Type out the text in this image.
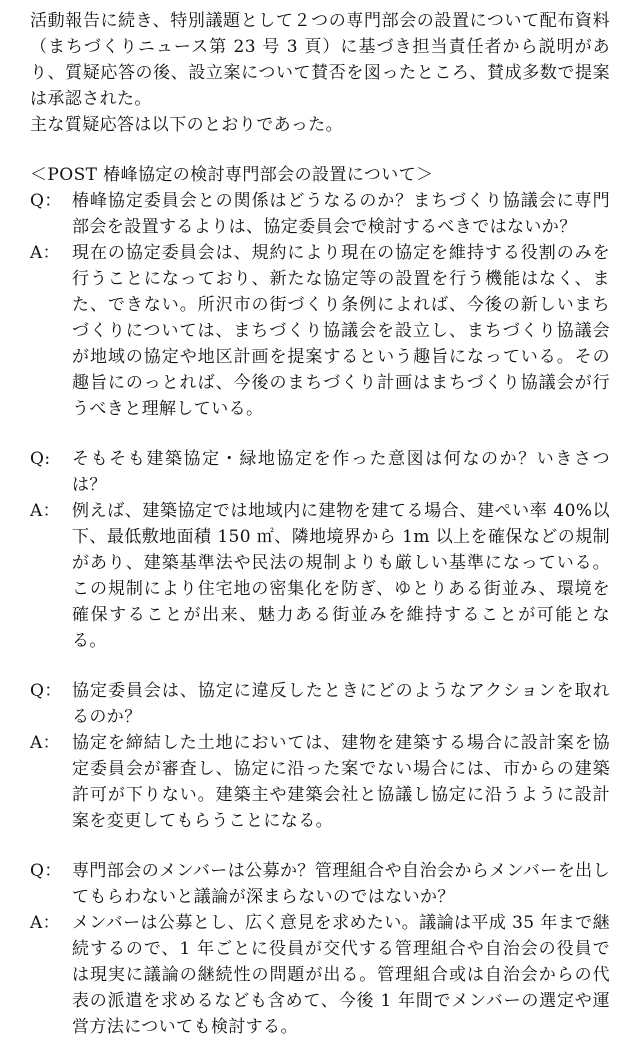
活動報告に続き、特別議題として２つの専門部会の設置について配布資料（まちづくりニュース第 23 号 3 頁）に基づき担当責任者から説明があり、質疑応答の後、設立案について賛否を図ったところ、賛成多数で提案は承認された。

主な質疑応答は以下のとおりであった。

＜POST 椿峰協定の検討専門部会の設置について＞

Q： 椿峰協定委員会との関係はどうなるのか？まちづくり協議会に専門部会を設置するよりは、協定委員会で検討するべきではないか？
A： 現在の協定委員会は、規約により現在の協定を維持する役割のみを行うことになっており、新たな協定等の設置を行う機能はなく、また、できない。所沢市の街づくり条例によれば、今後の新しいまちづくりについては、まちづくり協議会を設立し、まちづくり協議会が地域の協定や地区計画を提案するという趣旨になっている。その趣旨にのっとれば、今後のまちづくり計画はまちづくり協議会が行うべきと理解している。
Q:	そもそも建築協定・緑地協定を作った意図は何なのか？いきさつは？
A： 例えば、建築協定では地域内に建物を建てる場合、建ぺい率 40%以下、最低敷地面積 150 ㎡、隣地境界から 1m 以上を確保などの規制があり、建築基準法や民法の規制よりも厳しい基準になっている。この規制により住宅地の密集化を防ぎ、ゆとりある街並み、環境を確保することが出来、魅力ある街並みを維持することが可能となる。
Q： 協定委員会は、協定に違反したときにどのようなアクションを取れるのか？
A： 協定を締結した土地においては、建物を建築する場合に設計案を協定委員会が審査し、協定に沿った案でない場合には、市からの建築許可が下りない。建築主や建築会社と協議し協定に沿うように設計案を変更してもらうことになる。
Q： 専門部会のメンバーは公募か？管理組合や自治会からメンバーを出してもらわないと議論が深まらないのではないか？
A： メンバーは公募とし、広く意見を求めたい。議論は平成 35 年まで継続するので、1 年ごとに役員が交代する管理組合や自治会の役員では現実に議論の継続性の問題が出る。管理組合或は自治会からの代表の派遣を求めるなども含めて、今後 1 年間でメンバーの選定や運営方法についても検討する。
